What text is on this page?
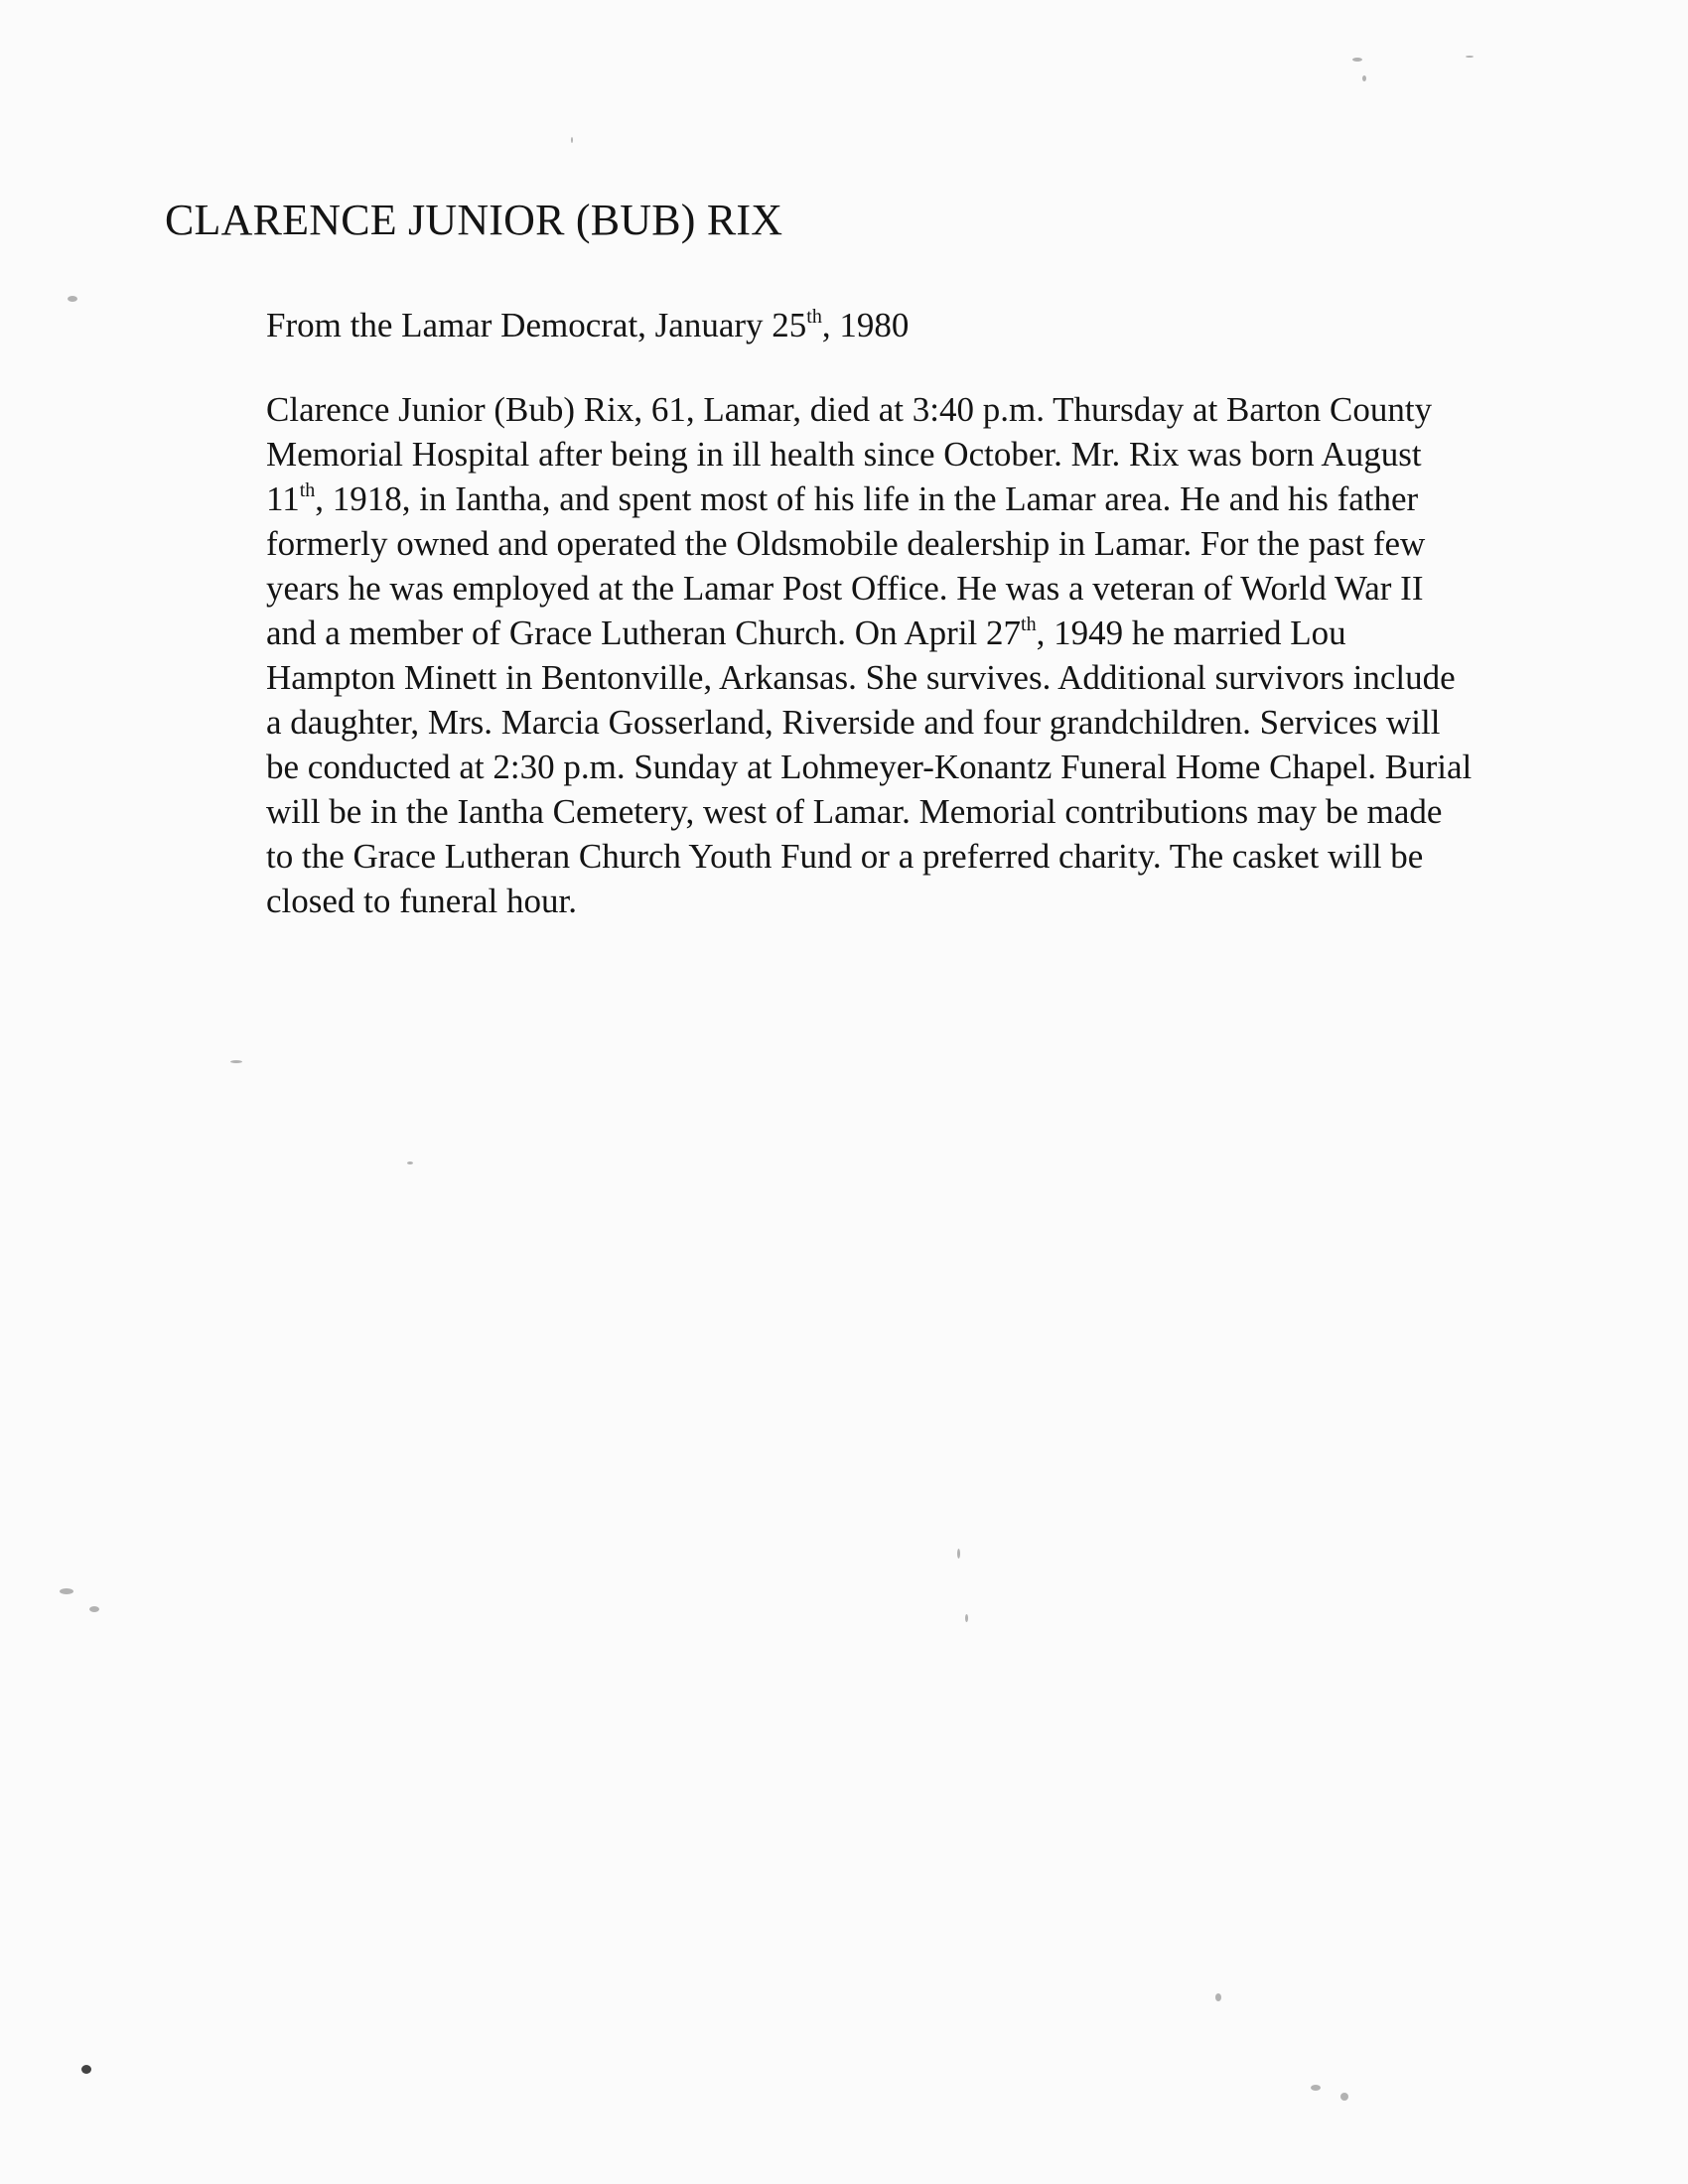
CLARENCE JUNIOR (BUB) RIX

From the Lamar Democrat, January 25th, 1980

Clarence Junior (Bub) Rix, 61, Lamar, died at 3:40 p.m. Thursday at Barton County
Memorial Hospital after being in ill health since October. Mr. Rix was born August
11th, 1918, in Iantha, and spent most of his life in the Lamar area. He and his father
formerly owned and operated the Oldsmobile dealership in Lamar. For the past few
years he was employed at the Lamar Post Office. He was a veteran of World War II
and a member of Grace Lutheran Church. On April 27th, 1949 he married Lou
Hampton Minett in Bentonville, Arkansas. She survives. Additional survivors include
a daughter, Mrs. Marcia Gosserland, Riverside and four grandchildren. Services will
be conducted at 2:30 p.m. Sunday at Lohmeyer-Konantz Funeral Home Chapel. Burial
will be in the Iantha Cemetery, west of Lamar. Memorial contributions may be made
to the Grace Lutheran Church Youth Fund or a preferred charity. The casket will be
closed to funeral hour.
